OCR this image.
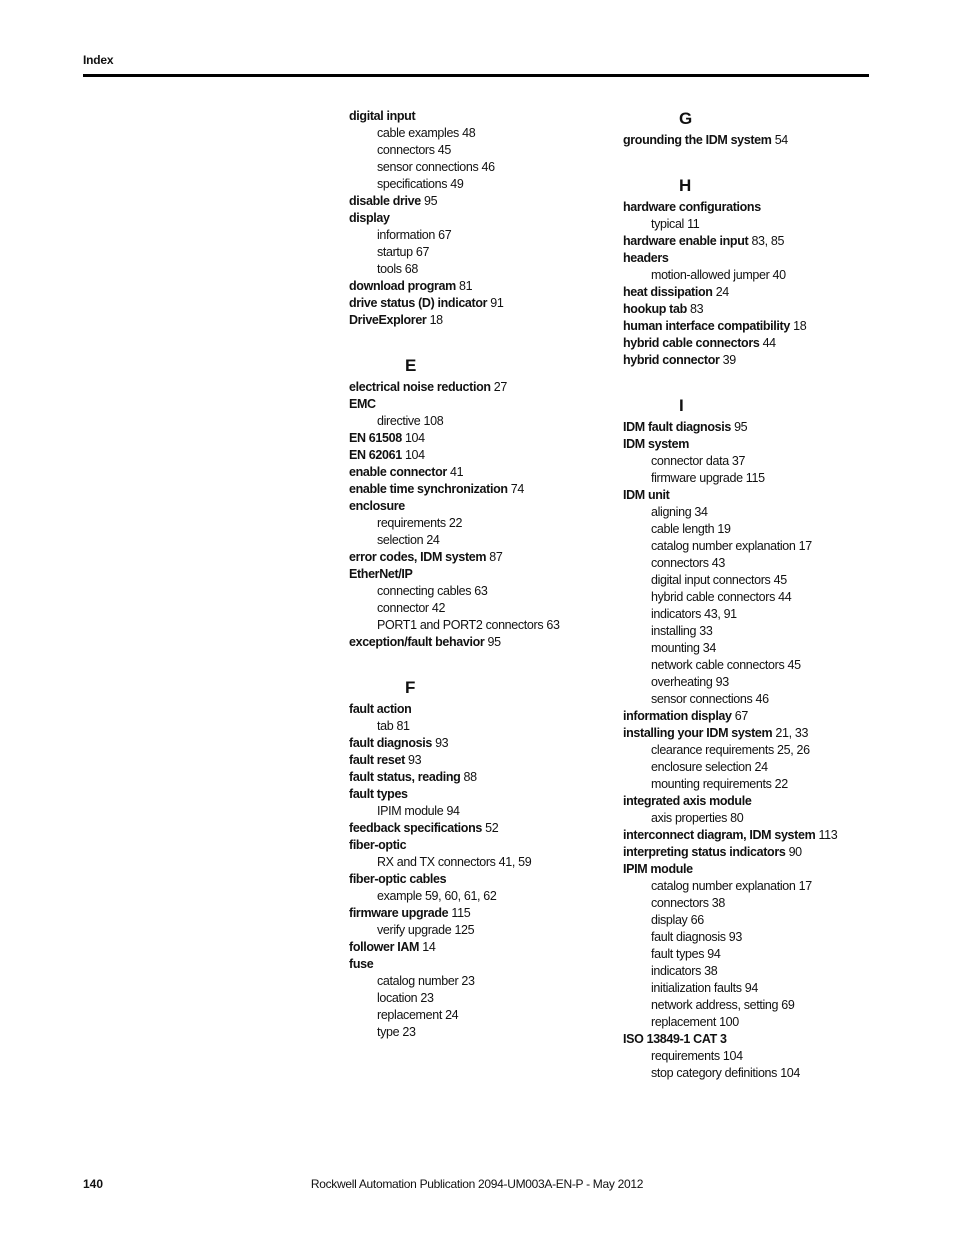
Index
digital input
cable examples 48
connectors 45
sensor connections 46
specifications 49
disable drive 95
display
information 67
startup 67
tools 68
download program 81
drive status (D) indicator 91
DriveExplorer 18
E
electrical noise reduction 27
EMC
directive 108
EN 61508 104
EN 62061 104
enable connector 41
enable time synchronization 74
enclosure
requirements 22
selection 24
error codes, IDM system 87
EtherNet/IP
connecting cables 63
connector 42
PORT1 and PORT2 connectors 63
exception/fault behavior 95
F
fault action
tab 81
fault diagnosis 93
fault reset 93
fault status, reading 88
fault types
IPIM module 94
feedback specifications 52
fiber-optic
RX and TX connectors 41, 59
fiber-optic cables
example 59, 60, 61, 62
firmware upgrade 115
verify upgrade 125
follower IAM 14
fuse
catalog number 23
location 23
replacement 24
type 23
G
grounding the IDM system 54
H
hardware configurations
typical 11
hardware enable input 83, 85
headers
motion-allowed jumper 40
heat dissipation 24
hookup tab 83
human interface compatibility 18
hybrid cable connectors 44
hybrid connector 39
I
IDM fault diagnosis 95
IDM system
connector data 37
firmware upgrade 115
IDM unit
aligning 34
cable length 19
catalog number explanation 17
connectors 43
digital input connectors 45
hybrid cable connectors 44
indicators 43, 91
installing 33
mounting 34
network cable connectors 45
overheating 93
sensor connections 46
information display 67
installing your IDM system 21, 33
clearance requirements 25, 26
enclosure selection 24
mounting requirements 22
integrated axis module
axis properties 80
interconnect diagram, IDM system 113
interpreting status indicators 90
IPIM module
catalog number explanation 17
connectors 38
display 66
fault diagnosis 93
fault types 94
indicators 38
initialization faults 94
network address, setting 69
replacement 100
ISO 13849-1 CAT 3
requirements 104
stop category definitions 104
140	Rockwell Automation Publication 2094-UM003A-EN-P - May 2012
